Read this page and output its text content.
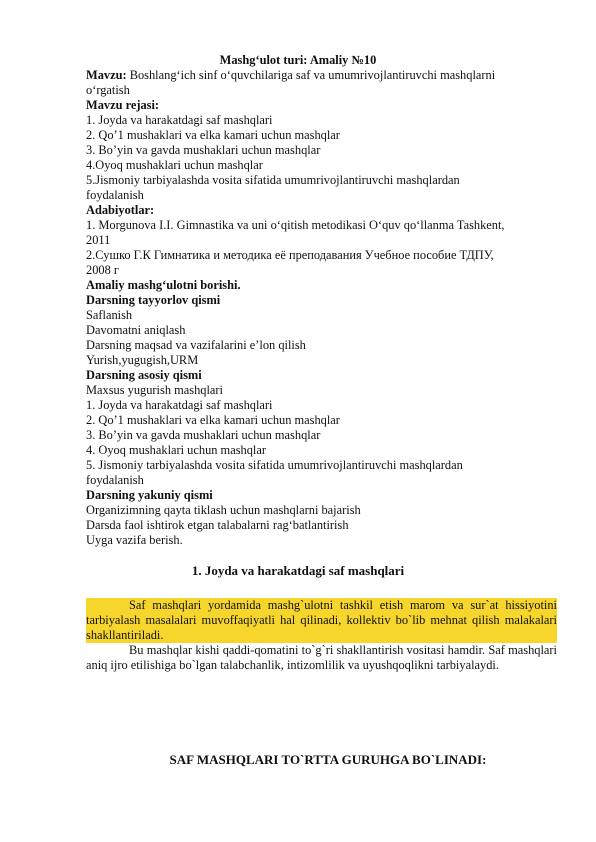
Mashg‘ulot turi: Amaliy №10
Mavzu: Boshlang‘ich sinf o‘quvchilariga saf va umumrivojlantiruvchi mashqlarni
o‘rgatish
Mavzu rejasi:
1. Joyda va harakatdagi saf mashqlari
2. Qo’1 mushaklari va elka kamari uchun mashqlar
3. Bo’yin va gavda mushaklari uchun mashqlar
4.Oyoq mushaklari uchun mashqlar
5.Jismoniy tarbiyalashda vosita sifatida umumrivojlantiruvchi mashqlardan
foydalanish
Adabiyotlar:
1. Morgunova I.I. Gimnastika va uni o‘qitish metodikasi O‘quv qo‘llanma Tashkent,
2011
2.Сушко Г.К Гимнатика и методика её преподавания Учебное пособие ТДПУ,
2008 г
Amaliy mashg‘ulotni borishi.
Darsning tayyorlov qismi
Saflanish
Davomatni aniqlash
Darsning maqsad va vazifalarini e’lon qilish
Yurish,yugugish,URM
Darsning asosiy qismi
Maxsus yugurish mashqlari
1. Joyda va harakatdagi saf mashqlari
2. Qo’1 mushaklari va elka kamari uchun mashqlar
3. Bo’yin va gavda mushaklari uchun mashqlar
4. Oyoq mushaklari uchun mashqlar
5. Jismoniy tarbiyalashda vosita sifatida umumrivojlantiruvchi mashqlardan
foydalanish
Darsning yakuniy qismi
Organizimning qayta tiklash uchun mashqlarni bajarish
Darsda faol ishtirok etgan talabalarni rag‘batlantirish
Uyga vazifa berish.
1. Joyda va harakatdagi saf mashqlari

Saf mashqlari yordamida mashg`ulotni tashkil etish marom va sur`at hissiyotini tarbiyalash masalalari muvoffaqiyatli hal qilinadi, kollektiv bo`lib mehnat qilish malakalari shakllantiriladi.

Bu mashqlar kishi qaddi-qomatini to`g`ri shakllantirish vositasi hamdir. Saf mashqlari aniq ijro etilishiga bo`lgan talabchanlik, intizomlilik va uyushqoqlikni tarbiyalaydi.

SAF MASHQLARI TO`RTTA GURUHGA BO`LINADI:
